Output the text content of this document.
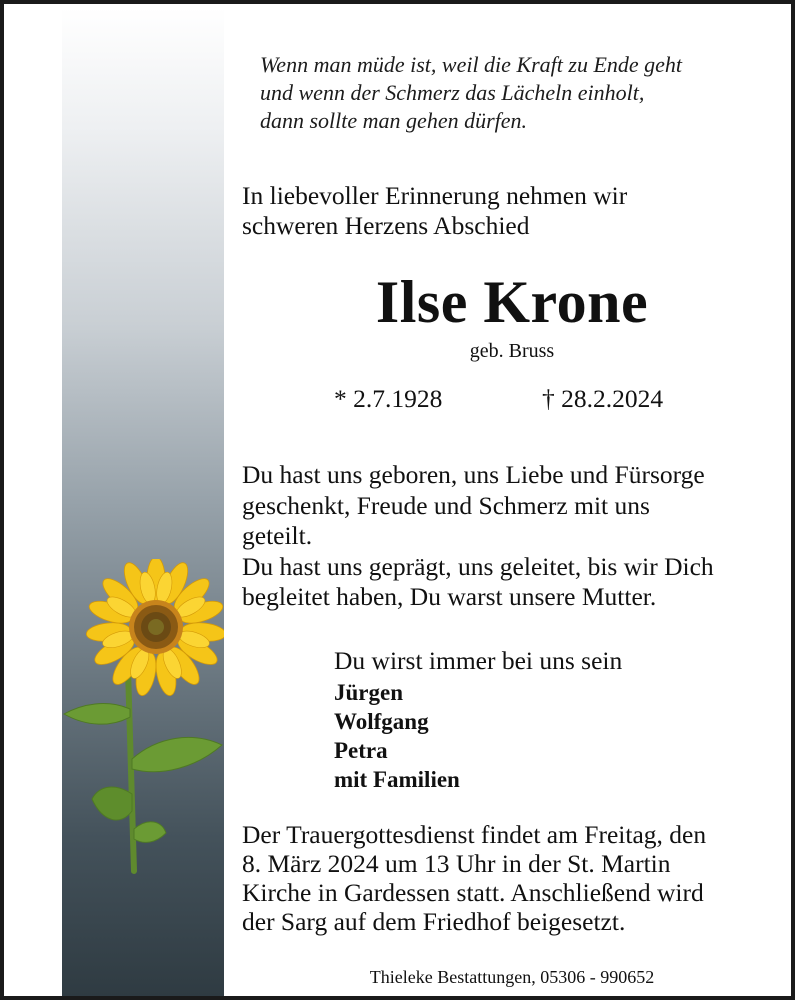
Wenn man müde ist, weil die Kraft zu Ende geht
und wenn der Schmerz das Lächeln einholt,
dann sollte man gehen dürfen.
In liebevoller Erinnerung nehmen wir
schweren Herzens Abschied
Ilse Krone
geb. Bruss
* 2.7.1928	† 28.2.2024
Du hast uns geboren, uns Liebe und Fürsorge
geschenkt, Freude und Schmerz mit uns
geteilt.
Du hast uns geprägt, uns geleitet, bis wir Dich
begleitet haben, Du warst unsere Mutter.
Du wirst immer bei uns sein
Jürgen
Wolfgang
Petra
mit Familien
Der Trauergottesdienst findet am Freitag, den
8. März 2024 um 13 Uhr in der St. Martin
Kirche in Gardessen statt. Anschließend wird
der Sarg auf dem Friedhof beigesetzt.
Thieleke Bestattungen, 05306 - 990652
